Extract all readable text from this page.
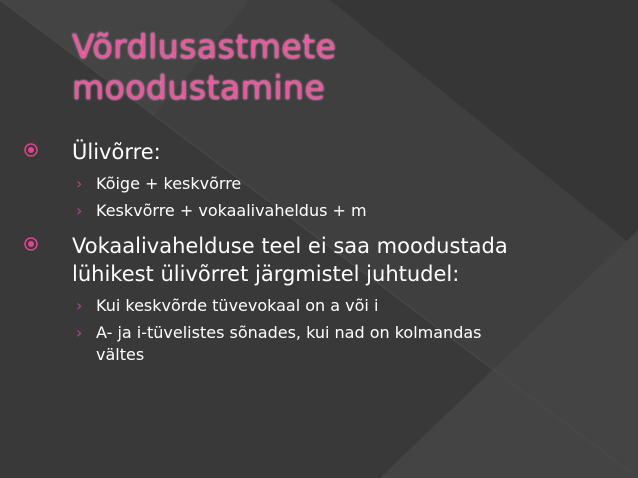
Võrdlusastmete
moodustamine
Ülivõrre:
› Kõige + keskvõrre
› Keskvõrre + vokaalivaheldus + m
Vokaalivahelduse teel ei saa moodustada lühikest ülivõrret järgmistel juhtudel:
› Kui keskvõrde tüvevokaal on a või i
› A- ja i-tüvelistes sõnades, kui nad on kolmandas vältes
